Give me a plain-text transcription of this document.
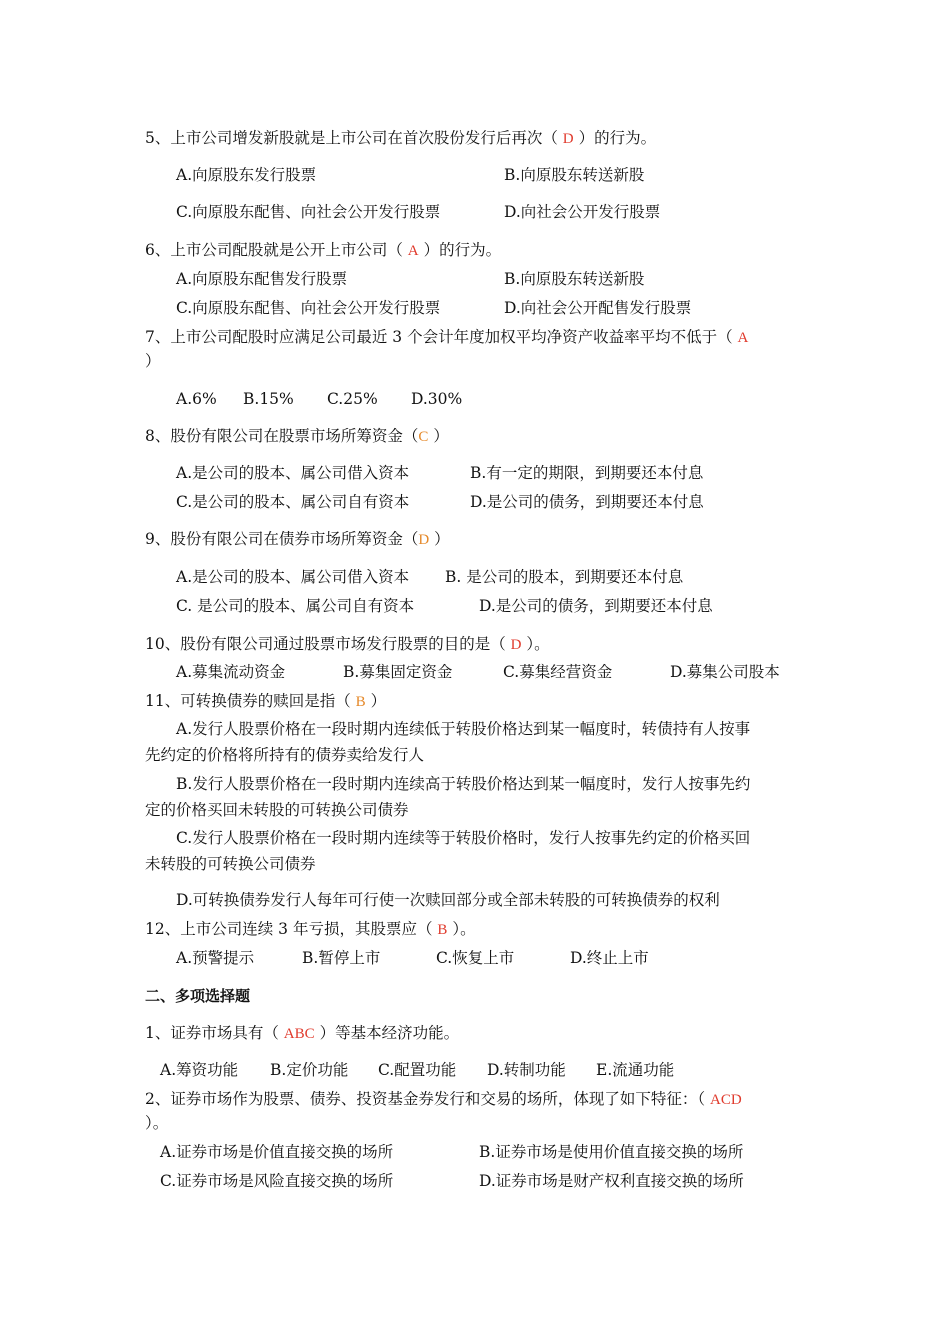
5、上市公司增发新股就是上市公司在首次股份发行后再次（ D ）的行为。
A.向原股东发行股票	B.向原股东转送新股
C.向原股东配售、向社会公开发行股票	D.向社会公开发行股票
6、上市公司配股就是公开上市公司（ A ）的行为。
A.向原股东配售发行股票	B.向原股东转送新股
C.向原股东配售、向社会公开发行股票	D.向社会公开配售发行股票
7、上市公司配股时应满足公司最近 3 个会计年度加权平均净资产收益率平均不低于（ A
）
A.6% B.15% C.25% D.30%
8、股份有限公司在股票市场所筹资金（C ）
A.是公司的股本、属公司借入资本	B.有一定的期限，到期要还本付息
C.是公司的股本、属公司自有资本	D.是公司的债务，到期要还本付息
9、股份有限公司在债券市场所筹资金（D ）
A.是公司的股本、属公司借入资本 B. 是公司的股本，到期要还本付息
C. 是公司的股本、属公司自有资本	D.是公司的债务，到期要还本付息
10、股份有限公司通过股票市场发行股票的目的是（ D ）。
A.募集流动资金	B.募集固定资金	C.募集经营资金	D.募集公司股本
11、可转换债券的赎回是指（ B ）
A.发行人股票价格在一段时期内连续低于转股价格达到某一幅度时，转债持有人按事
先约定的价格将所持有的债券卖给发行人
B.发行人股票价格在一段时期内连续高于转股价格达到某一幅度时，发行人按事先约
定的价格买回未转股的可转换公司债券
C.发行人股票价格在一段时期内连续等于转股价格时，发行人按事先约定的价格买回
未转股的可转换公司债券
D.可转换债券发行人每年可行使一次赎回部分或全部未转股的可转换债券的权利
12、上市公司连续 3 年亏损，其股票应（ B ）。
A.预警提示	B.暂停上市	C.恢复上市	D.终止上市
二、多项选择题
1、证券市场具有（ ABC ）等基本经济功能。
A.筹资功能 B.定价功能 C.配置功能 D.转制功能 E.流通功能
2、证券市场作为股票、债券、投资基金券发行和交易的场所，体现了如下特征：（ ACD
）。
A.证券市场是价值直接交换的场所	B.证券市场是使用价值直接交换的场所
C.证券市场是风险直接交换的场所	D.证券市场是财产权利直接交换的场所
